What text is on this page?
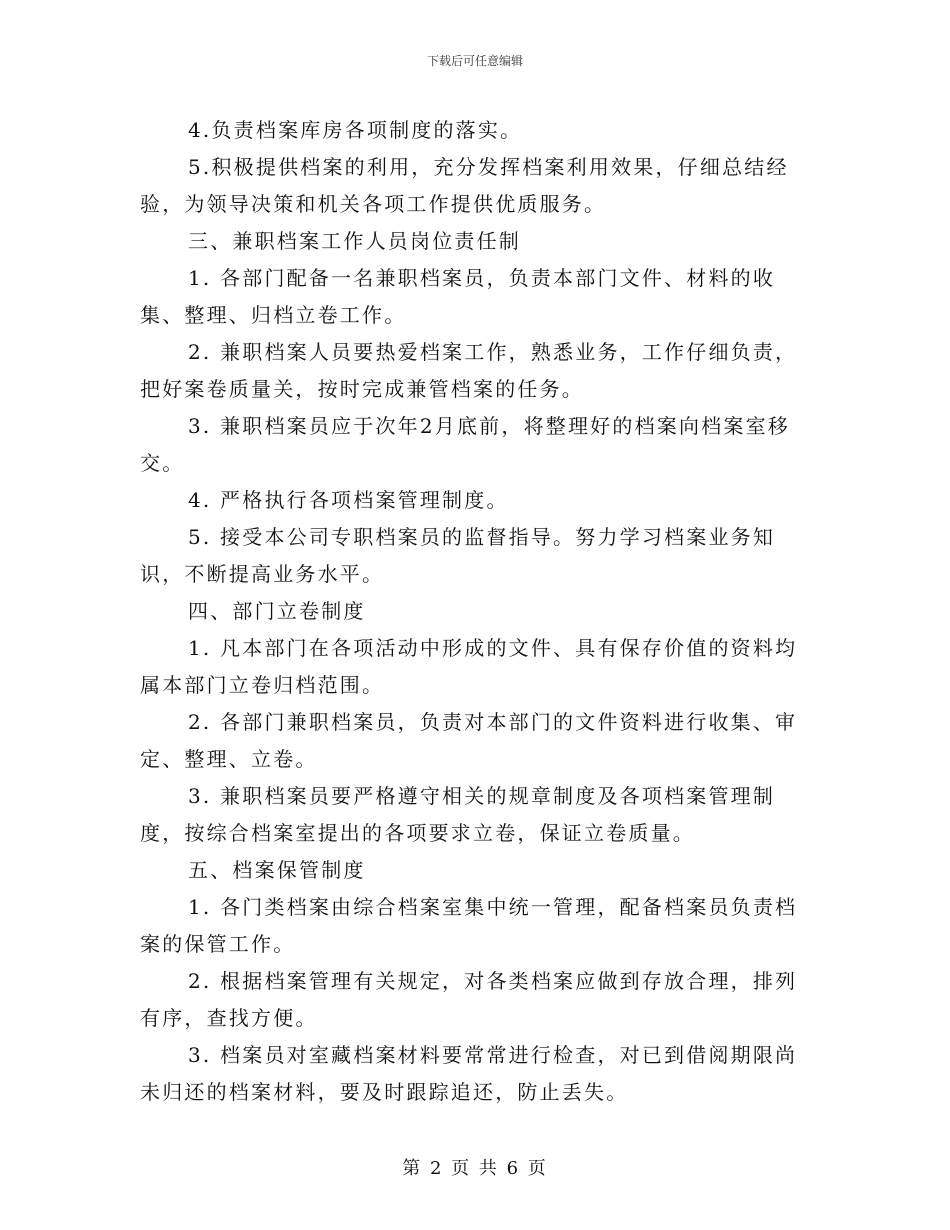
下载后可任意编辑

4.负责档案库房各项制度的落实。

5.积极提供档案的利用，充分发挥档案利用效果，仔细总结经验，为领导决策和机关各项工作提供优质服务。

三、兼职档案工作人员岗位责任制

1. 各部门配备一名兼职档案员，负责本部门文件、材料的收集、整理、归档立卷工作。

2. 兼职档案人员要热爱档案工作，熟悉业务，工作仔细负责，把好案卷质量关，按时完成兼管档案的任务。

3. 兼职档案员应于次年2月底前，将整理好的档案向档案室移交。

4. 严格执行各项档案管理制度。

5. 接受本公司专职档案员的监督指导。努力学习档案业务知识，不断提高业务水平。

四、部门立卷制度

1. 凡本部门在各项活动中形成的文件、具有保存价值的资料均属本部门立卷归档范围。

2. 各部门兼职档案员，负责对本部门的文件资料进行收集、审定、整理、立卷。

3. 兼职档案员要严格遵守相关的规章制度及各项档案管理制度，按综合档案室提出的各项要求立卷，保证立卷质量。

五、档案保管制度

1. 各门类档案由综合档案室集中统一管理，配备档案员负责档案的保管工作。

2. 根据档案管理有关规定，对各类档案应做到存放合理，排列有序，查找方便。

3. 档案员对室藏档案材料要常常进行检查，对已到借阅期限尚未归还的档案材料，要及时跟踪追还，防止丢失。

第 2 页 共 6 页
